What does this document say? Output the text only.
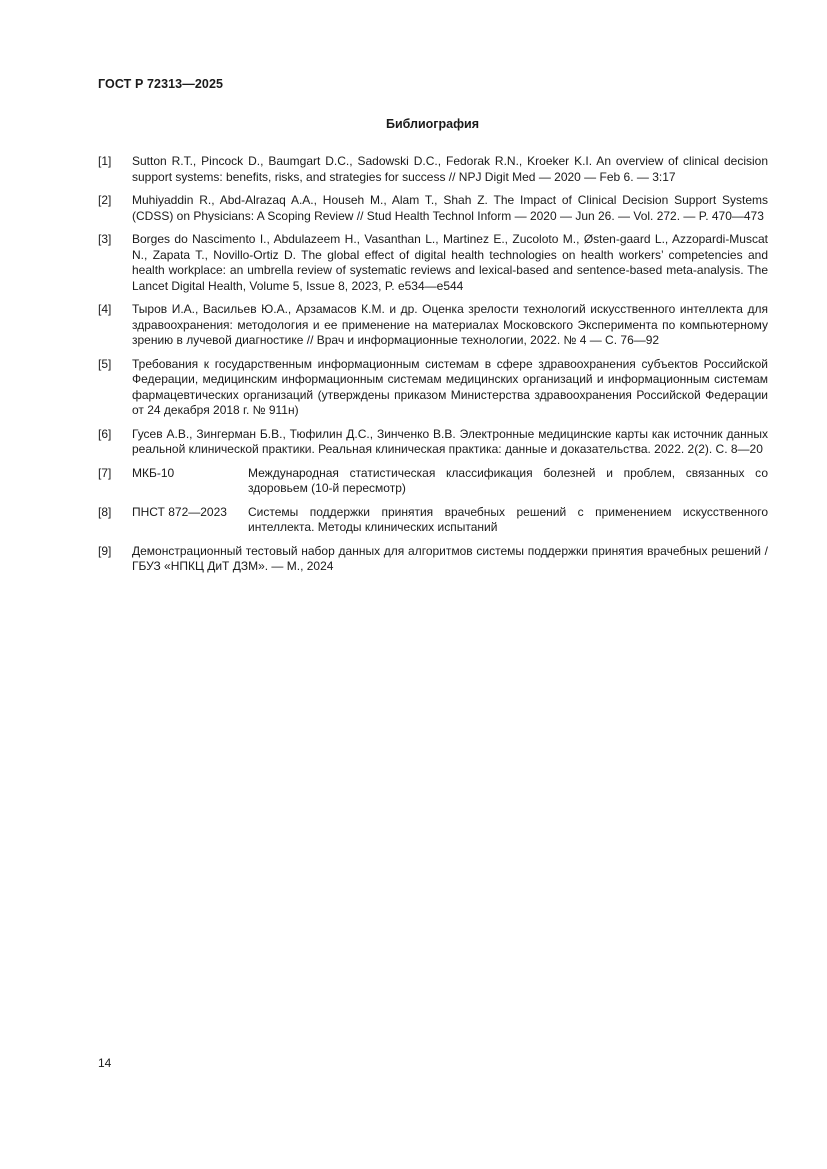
ГОСТ Р 72313—2025
Библиография
[1]	Sutton R.T., Pincock D., Baumgart D.C., Sadowski D.C., Fedorak R.N., Kroeker K.I. An overview of clinical decision support systems: benefits, risks, and strategies for success // NPJ Digit Med — 2020 — Feb 6. — 3:17
[2]	Muhiyaddin R., Abd-Alrazaq A.A., Househ M., Alam T., Shah Z. The Impact of Clinical Decision Support Systems (CDSS) on Physicians: A Scoping Review // Stud Health Technol Inform — 2020 — Jun 26. — Vol. 272. — P. 470—473
[3]	Borges do Nascimento I., Abdulazeem H., Vasanthan L., Martinez E., Zucoloto M., Østen-gaard L., Azzopardi-Muscat N., Zapata T., Novillo-Ortiz D. The global effect of digital health technologies on health workers’ competencies and health workplace: an umbrella review of systematic reviews and lexical-based and sentence-based meta-analysis. The Lancet Digital Health, Volume 5, Issue 8, 2023, P. e534—e544
[4]	Тыров И.А., Васильев Ю.А., Арзамасов К.М. и др. Оценка зрелости технологий искусственного интеллекта для здравоохранения: методология и ее применение на материалах Московского Эксперимента по компьютерному зрению в лучевой диагностике // Врач и информационные технологии, 2022. № 4 — С. 76—92
[5]	Требования к государственным информационным системам в сфере здравоохранения субъектов Российской Федерации, медицинским информационным системам медицинских организаций и информационным системам фармацевтических организаций (утверждены приказом Министерства здравоохранения Российской Федерации от 24 декабря 2018 г. № 911н)
[6]	Гусев А.В., Зингерман Б.В., Тюфилин Д.С., Зинченко В.В. Электронные медицинские карты как источник данных реальной клинической практики. Реальная клиническая практика: данные и доказательства. 2022. 2(2). С. 8—20
[7]	МКБ-10	Международная статистическая классификация болезней и проблем, связанных со здоровьем (10-й пересмотр)
[8]	ПНСТ 872—2023	Системы поддержки принятия врачебных решений с применением искусственного интеллекта. Методы клинических испытаний
[9]	Демонстрационный тестовый набор данных для алгоритмов системы поддержки принятия врачебных решений / ГБУЗ «НПКЦ ДиТ ДЗМ». — М., 2024
14
